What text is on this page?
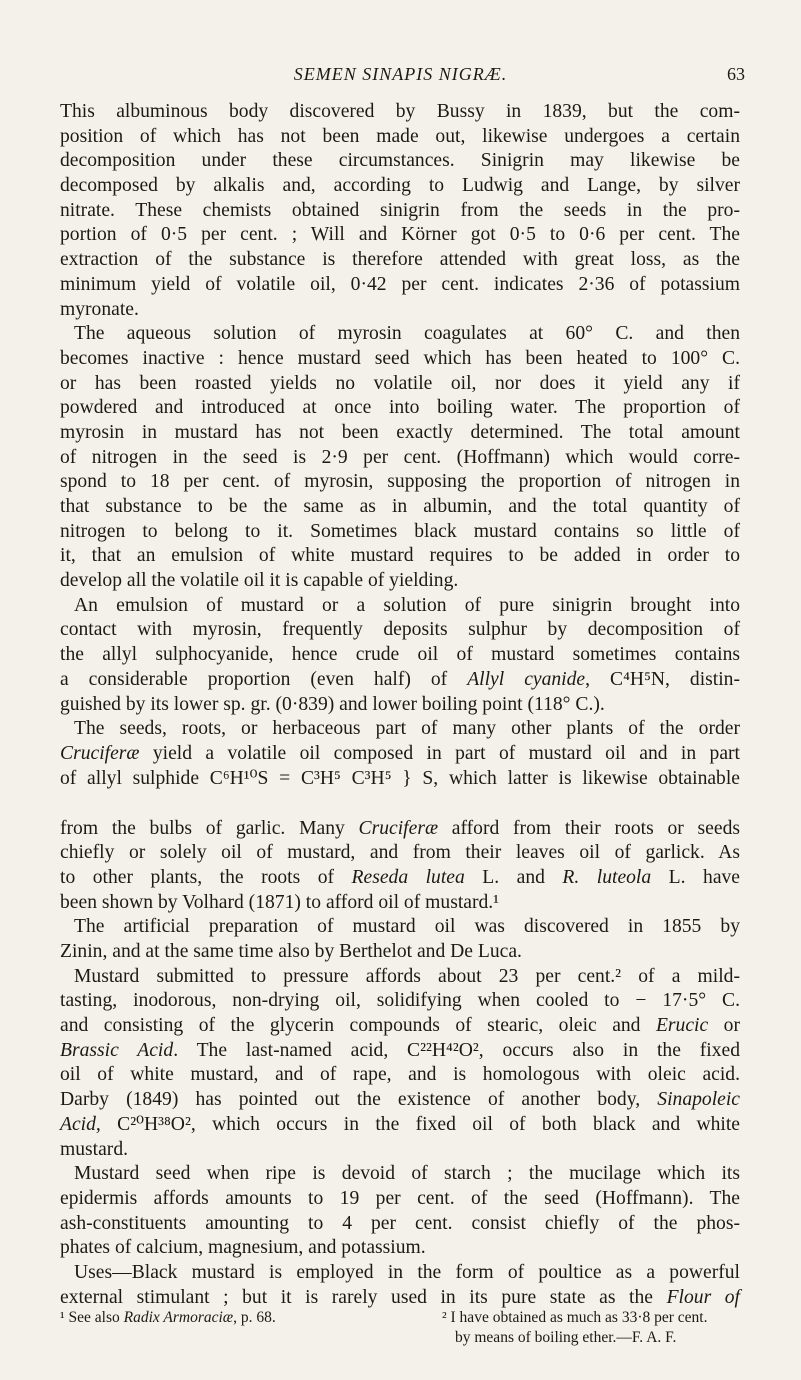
SEMEN SINAPIS NIGRÆ.	63
This albuminous body discovered by Bussy in 1839, but the com-
position of which has not been made out, likewise undergoes a certain
decomposition under these circumstances. Sinigrin may likewise be
decomposed by alkalis and, according to Ludwig and Lange, by silver
nitrate. These chemists obtained sinigrin from the seeds in the pro-
portion of 0·5 per cent. ; Will and Körner got 0·5 to 0·6 per cent. The
extraction of the substance is therefore attended with great loss, as the
minimum yield of volatile oil, 0·42 per cent. indicates 2·36 of potassium
myronate.
The aqueous solution of myrosin coagulates at 60° C. and then
becomes inactive : hence mustard seed which has been heated to 100° C.
or has been roasted yields no volatile oil, nor does it yield any if
powdered and introduced at once into boiling water. The proportion of
myrosin in mustard has not been exactly determined. The total amount
of nitrogen in the seed is 2·9 per cent. (Hoffmann) which would corre-
spond to 18 per cent. of myrosin, supposing the proportion of nitrogen in
that substance to be the same as in albumin, and the total quantity of
nitrogen to belong to it. Sometimes black mustard contains so little of
it, that an emulsion of white mustard requires to be added in order to
develop all the volatile oil it is capable of yielding.
An emulsion of mustard or a solution of pure sinigrin brought into
contact with myrosin, frequently deposits sulphur by decomposition of
the allyl sulphocyanide, hence crude oil of mustard sometimes contains
a considerable proportion (even half) of Allyl cyanide, C⁴H⁵N, distin-
guished by its lower sp. gr. (0·839) and lower boiling point (118° C.).
The seeds, roots, or herbaceous part of many other plants of the order
Cruciferæ yield a volatile oil composed in part of mustard oil and in part
of allyl sulphide C⁶H¹⁰S = C³H⁵ C³H⁵ } S, which latter is likewise obtainable
from the bulbs of garlic. Many Cruciferæ afford from their roots or seeds
chiefly or solely oil of mustard, and from their leaves oil of garlick. As
to other plants, the roots of Reseda lutea L. and R. luteola L. have
been shown by Volhard (1871) to afford oil of mustard.¹
The artificial preparation of mustard oil was discovered in 1855 by
Zinin, and at the same time also by Berthelot and De Luca.
Mustard submitted to pressure affords about 23 per cent.² of a mild-
tasting, inodorous, non-drying oil, solidifying when cooled to − 17·5° C.
and consisting of the glycerin compounds of stearic, oleic and Erucic or
Brassic Acid. The last-named acid, C²²H⁴²O², occurs also in the fixed
oil of white mustard, and of rape, and is homologous with oleic acid.
Darby (1849) has pointed out the existence of another body, Sinapoleic
Acid, C²⁰H³⁸O², which occurs in the fixed oil of both black and white
mustard.
Mustard seed when ripe is devoid of starch ; the mucilage which its
epidermis affords amounts to 19 per cent. of the seed (Hoffmann). The
ash-constituents amounting to 4 per cent. consist chiefly of the phos-
phates of calcium, magnesium, and potassium.
Uses—Black mustard is employed in the form of poultice as a powerful
external stimulant ; but it is rarely used in its pure state as the Flour of
¹ See also Radix Armoraciæ, p. 68.	² I have obtained as much as 33·8 per cent.
by means of boiling ether.—F. A. F.
